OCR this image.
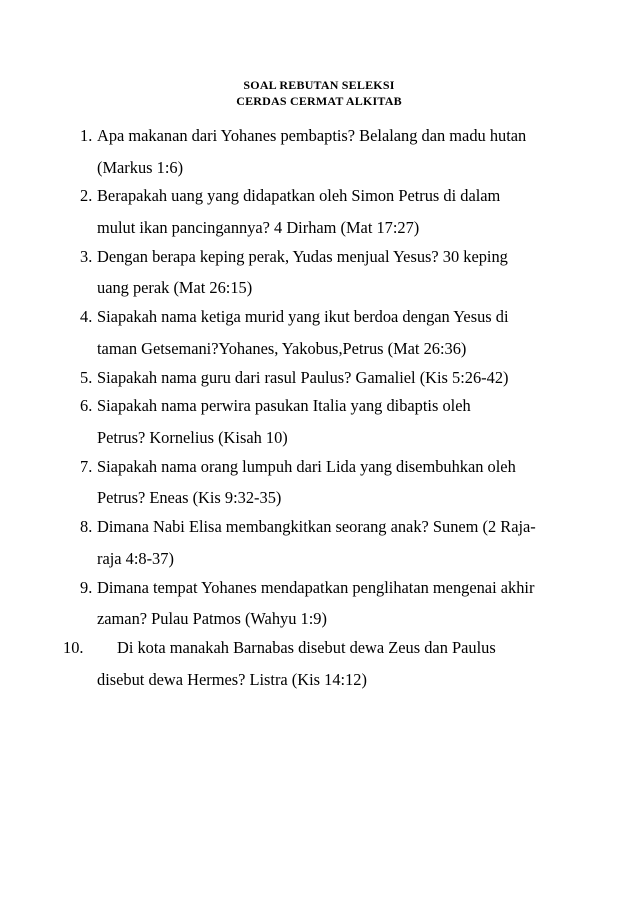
SOAL REBUTAN SELEKSI
CERDAS CERMAT ALKITAB
1. Apa makanan dari Yohanes pembaptis? Belalang dan madu hutan
(Markus 1:6)
2. Berapakah uang yang didapatkan oleh Simon Petrus di dalam
mulut ikan pancingannya? 4 Dirham (Mat 17:27)
3. Dengan berapa keping perak, Yudas menjual Yesus? 30 keping
uang perak (Mat 26:15)
4. Siapakah nama ketiga murid yang ikut berdoa dengan Yesus di
taman Getsemani?Yohanes, Yakobus,Petrus (Mat 26:36)
5. Siapakah nama guru dari rasul Paulus? Gamaliel (Kis 5:26-42)
6. Siapakah nama perwira pasukan Italia yang dibaptis oleh
Petrus? Kornelius (Kisah 10)
7. Siapakah nama orang lumpuh dari Lida yang disembuhkan oleh
Petrus? Eneas (Kis 9:32-35)
8. Dimana Nabi Elisa membangkitkan seorang anak? Sunem (2 Raja-
raja 4:8-37)
9. Dimana tempat Yohanes mendapatkan penglihatan mengenai akhir
zaman? Pulau Patmos (Wahyu 1:9)
10.	Di kota manakah Barnabas disebut dewa Zeus dan Paulus
disebut dewa Hermes? Listra (Kis 14:12)
